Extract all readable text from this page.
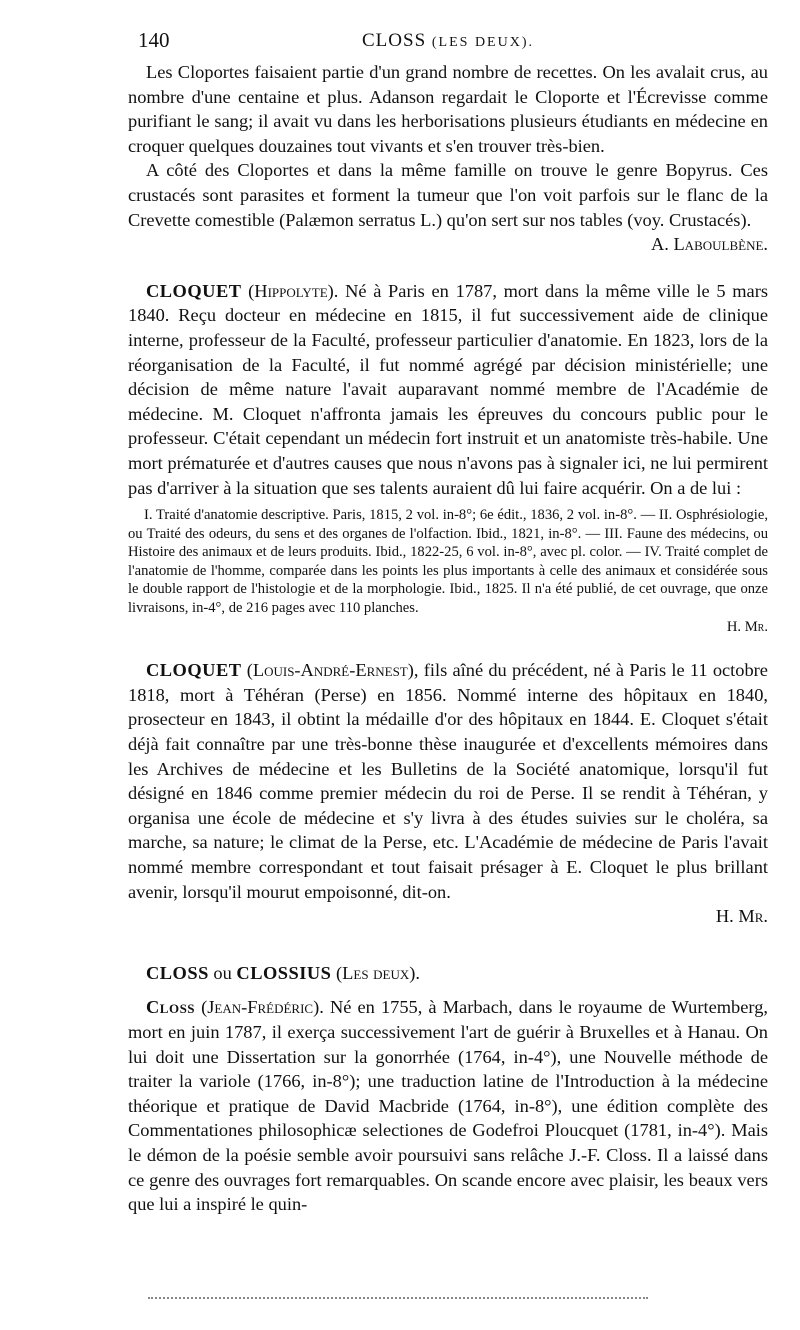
140	CLOSS (LES DEUX).

Les Cloportes faisaient partie d'un grand nombre de recettes. On les avalait crus, au nombre d'une centaine et plus. Adanson regardait le Cloporte et l'Écrevisse comme purifiant le sang; il avait vu dans les herborisations plusieurs étudiants en médecine en croquer quelques douzaines tout vivants et s'en trouver très-bien.

A côté des Cloportes et dans la même famille on trouve le genre Bopyrus. Ces crustacés sont parasites et forment la tumeur que l'on voit parfois sur le flanc de la Crevette comestible (Palæmon serratus L.) qu'on sert sur nos tables (voy. Crustacés).

A. Laboulbène.

CLOQUET (Hippolyte). Né à Paris en 1787, mort dans la même ville le 5 mars 1840. Reçu docteur en médecine en 1815, il fut successivement aide de clinique interne, professeur de la Faculté, professeur particulier d'anatomie. En 1823, lors de la réorganisation de la Faculté, il fut nommé agrégé par décision ministérielle; une décision de même nature l'avait auparavant nommé membre de l'Académie de médecine. M. Cloquet n'affronta jamais les épreuves du concours public pour le professeur. C'était cependant un médecin fort instruit et un anatomiste très-habile. Une mort prématurée et d'autres causes que nous n'avons pas à signaler ici, ne lui permirent pas d'arriver à la situation que ses talents auraient dû lui faire acquérir. On a de lui :

I. Traité d'anatomie descriptive. Paris, 1815, 2 vol. in-8°; 6e édit., 1836, 2 vol. in-8°. — II. Osphrésiologie, ou Traité des odeurs, du sens et des organes de l'olfaction. Ibid., 1821, in-8°. — III. Faune des médecins, ou Histoire des animaux et de leurs produits. Ibid., 1822-25, 6 vol. in-8°, avec pl. color. — IV. Traité complet de l'anatomie de l'homme, comparée dans les points les plus importants à celle des animaux et considérée sous le double rapport de l'histologie et de la morphologie. Ibid., 1825. Il n'a été publié, de cet ouvrage, que onze livraisons, in-4°, de 216 pages avec 110 planches.

H. Mr.

CLOQUET (Louis-André-Ernest), fils aîné du précédent, né à Paris le 11 octobre 1818, mort à Téhéran (Perse) en 1856. Nommé interne des hôpitaux en 1840, prosecteur en 1843, il obtint la médaille d'or des hôpitaux en 1844. E. Cloquet s'était déjà fait connaître par une très-bonne thèse inaugurée et d'excellents mémoires dans les Archives de médecine et les Bulletins de la Société anatomique, lorsqu'il fut désigné en 1846 comme premier médecin du roi de Perse. Il se rendit à Téhéran, y organisa une école de médecine et s'y livra à des études suivies sur le choléra, sa marche, sa nature; le climat de la Perse, etc. L'Académie de médecine de Paris l'avait nommé membre correspondant et tout faisait présager à E. Cloquet le plus brillant avenir, lorsqu'il mourut empoisonné, dit-on.

H. Mr.

CLOSS ou CLOSSIUS (Les deux).

Closs (Jean-Frédéric). Né en 1755, à Marbach, dans le royaume de Wurtemberg, mort en juin 1787, il exerça successivement l'art de guérir à Bruxelles et à Hanau. On lui doit une Dissertation sur la gonorrhée (1764, in-4°), une Nouvelle méthode de traiter la variole (1766, in-8°); une traduction latine de l'Introduction à la médecine théorique et pratique de David Macbride (1764, in-8°), une édition complète des Commentationes philosophicæ selectiones de Godefroi Ploucquet (1781, in-4°). Mais le démon de la poésie semble avoir poursuivi sans relâche J.-F. Closs. Il a laissé dans ce genre des ouvrages fort remarquables. On scande encore avec plaisir, les beaux vers que lui a inspiré le quin-
